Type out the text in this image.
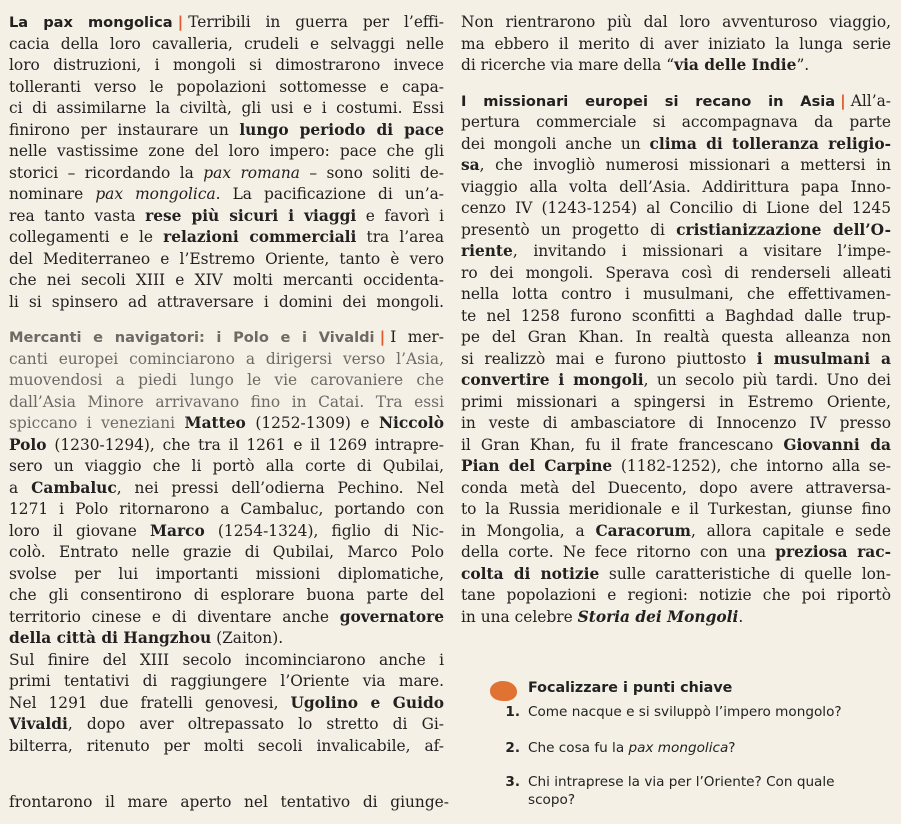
La pax mongolica | Terribili in guerra per l’effi-
cacia della loro cavalleria, crudeli e selvaggi nelle
loro distruzioni, i mongoli si dimostrarono invece
tolleranti verso le popolazioni sottomesse e capa-
ci di assimilarne la civiltà, gli usi e i costumi. Essi
finirono per instaurare un lungo periodo di pace
nelle vastissime zone del loro impero: pace che gli
storici – ricordando la pax romana – sono soliti de-
nominare pax mongolica. La pacificazione di un’a-
rea tanto vasta rese più sicuri i viaggi e favorì i
collegamenti e le relazioni commerciali tra l’area
del Mediterraneo e l’Estremo Oriente, tanto è vero
che nei secoli XIII e XIV molti mercanti occidenta-
li si spinsero ad attraversare i domini dei mongoli.
Mercanti e navigatori: i Polo e i Vivaldi | I mer-
canti europei cominciarono a dirigersi verso l’Asia,
muovendosi a piedi lungo le vie carovaniere che
dall’Asia Minore arrivavano fino in Catai. Tra essi
spiccano i veneziani Matteo (1252-1309) e Niccolò
Polo (1230-1294), che tra il 1261 e il 1269 intrapre-
sero un viaggio che li portò alla corte di Qubilai,
a Cambaluc, nei pressi dell’odierna Pechino. Nel
1271 i Polo ritornarono a Cambaluc, portando con
loro il giovane Marco (1254-1324), figlio di Nic-
colò. Entrato nelle grazie di Qubilai, Marco Polo
svolse per lui importanti missioni diplomatiche,
che gli consentirono di esplorare buona parte del
territorio cinese e di diventare anche governatore
della città di Hangzhou (Zaiton).
Sul finire del XIII secolo incominciarono anche i
primi tentativi di raggiungere l’Oriente via mare.
Nel 1291 due fratelli genovesi, Ugolino e Guido
Vivaldi, dopo aver oltrepassato lo stretto di Gi-
bilterra, ritenuto per molti secoli invalicabile, af-
frontarono il mare aperto nel tentativo di giunge-
Non rientrarono più dal loro avventuroso viaggio,
ma ebbero il merito di aver iniziato la lunga serie
di ricerche via mare della “via delle Indie”.
I missionari europei si recano in Asia | All’a-
pertura commerciale si accompagnava da parte
dei mongoli anche un clima di tolleranza religio-
sa, che invogliò numerosi missionari a mettersi in
viaggio alla volta dell’Asia. Addirittura papa Inno-
cenzo IV (1243-1254) al Concilio di Lione del 1245
presentò un progetto di cristianizzazione dell’O-
riente, invitando i missionari a visitare l’impe-
ro dei mongoli. Sperava così di renderseli alleati
nella lotta contro i musulmani, che effettivamen-
te nel 1258 furono sconfitti a Baghdad dalle trup-
pe del Gran Khan. In realtà questa alleanza non
si realizzò mai e furono piuttosto i musulmani a
convertire i mongoli, un secolo più tardi. Uno dei
primi missionari a spingersi in Estremo Oriente,
in veste di ambasciatore di Innocenzo IV presso
il Gran Khan, fu il frate francescano Giovanni da
Pian del Carpine (1182-1252), che intorno alla se-
conda metà del Duecento, dopo avere attraversa-
to la Russia meridionale e il Turkestan, giunse fino
in Mongolia, a Caracorum, allora capitale e sede
della corte. Ne fece ritorno con una preziosa rac-
colta di notizie sulle caratteristiche di quelle lon-
tane popolazioni e regioni: notizie che poi riportò
in una celebre Storia dei Mongoli.
Focalizzare i punti chiave
1. Come nacque e si sviluppò l’impero mongolo?
2. Che cosa fu la pax mongolica?
3. Chi intraprese la via per l’Oriente? Con quale
scopo?
